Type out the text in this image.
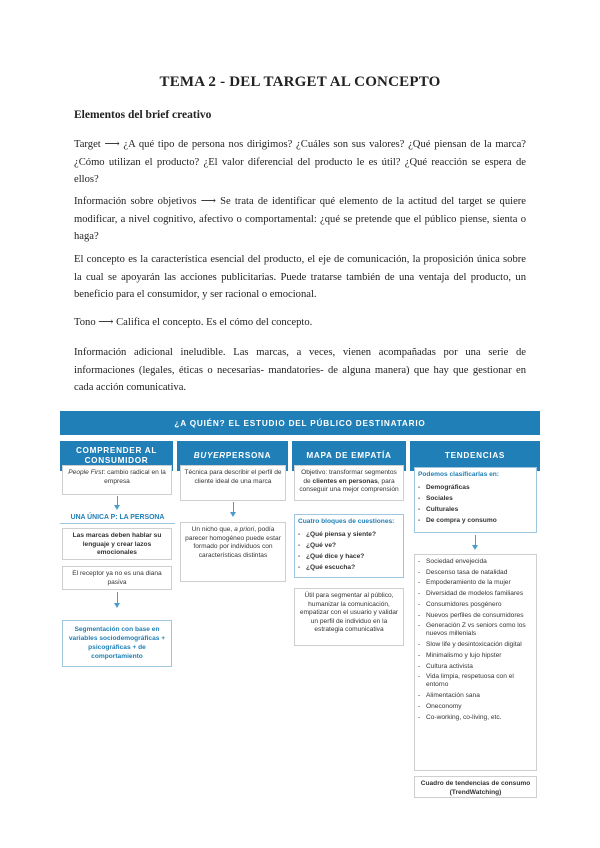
TEMA 2 - DEL TARGET AL CONCEPTO
Elementos del brief creativo
Target ⟶ ¿A qué tipo de persona nos dirigimos? ¿Cuáles son sus valores? ¿Qué piensan de la marca? ¿Cómo utilizan el producto? ¿El valor diferencial del producto le es útil? ¿Qué reacción se espera de ellos?
Información sobre objetivos ⟶ Se trata de identificar qué elemento de la actitud del target se quiere modificar, a nivel cognitivo, afectivo o comportamental: ¿qué se pretende que el público piense, sienta o haga?
El concepto es la característica esencial del producto, el eje de comunicación, la proposición única sobre la cual se apoyarán las acciones publicitarias. Puede tratarse también de una ventaja del producto, un beneficio para el consumidor, y ser racional o emocional.
Tono ⟶ Califica el concepto. Es el cómo del concepto.
Información adicional ineludible. Las marcas, a veces, vienen acompañadas por una serie de informaciones (legales, éticas o necesarias- mandatories- de alguna manera) que hay que gestionar en cada acción comunicativa.
¿A QUIÉN? EL ESTUDIO DEL PÚBLICO DESTINATARIO
COMPRENDER AL CONSUMIDOR
People First: cambio radical en la empresa
UNA ÚNICA P: LA PERSONA
Las marcas deben hablar su lenguaje y crear lazos emocionales
El receptor ya no es una diana pasiva
Segmentación con base en variables sociodemográficas + psicográficas + de comportamiento
BUYER PERSONA
Técnica para describir el perfil de cliente ideal de una marca
Un nicho que, a priori, podía parecer homogéneo puede estar formado por individuos con características distintas
MAPA DE EMPATÍA
Objetivo: transformar segmentos de clientes en personas, para conseguir una mejor comprensión
Cuatro bloques de cuestiones:
- ¿Qué piensa y siente?
- ¿Qué ve?
- ¿Qué dice y hace?
- ¿Qué escucha?
Útil para segmentar al público, humanizar la comunicación, empatizar con el usuario y validar un perfil de individuo en la estrategia comunicativa
TENDENCIAS
Podemos clasificarlas en:
- Demográficas
- Sociales
- Culturales
- De compra y consumo
- Sociedad envejecida
- Descenso tasa de natalidad
- Empoderamiento de la mujer
- Diversidad de modelos familiares
- Consumidores posgénero
- Nuevos perfiles de consumidores
- Generación Z vs seniors como los nuevos millenials
- Slow life y desintoxicación digital
- Minimalismo y lujo hipster
- Cultura activista
- Vida limpia, respetuosa con el entorno
- Alimentación sana
- Oneconomy
- Co-working, co-living, etc.
Cuadro de tendencias de consumo (TrendWatching)
